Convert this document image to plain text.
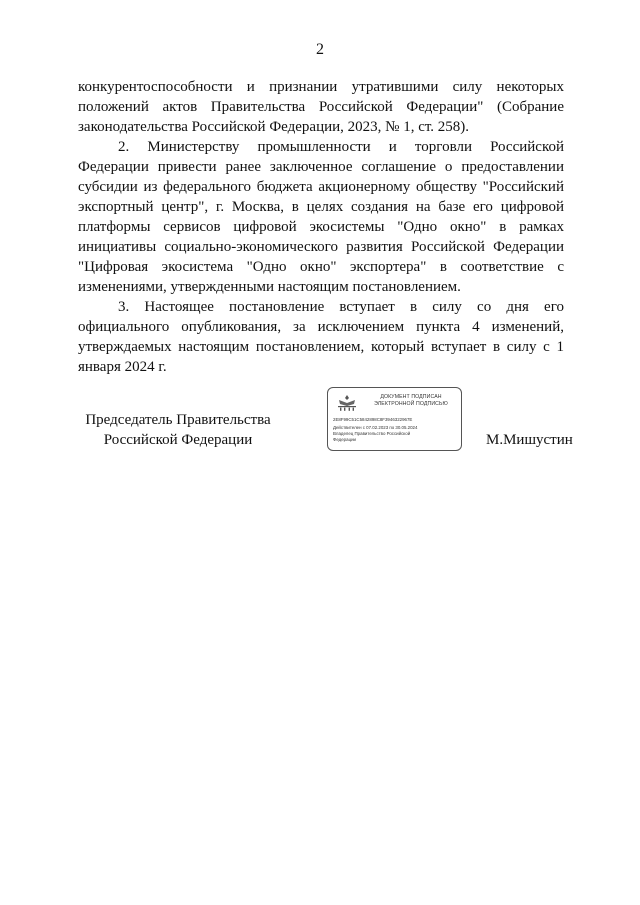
2

конкурентоспособности и признании утратившими силу некоторых положений актов Правительства Российской Федерации" (Собрание законодательства Российской Федерации, 2023, № 1, ст. 258).

2. Министерству промышленности и торговли Российской Федерации привести ранее заключенное соглашение о предоставлении субсидии из федерального бюджета акционерному обществу "Российский экспортный центр", г. Москва, в целях создания на базе его цифровой платформы сервисов цифровой экосистемы "Одно окно" в рамках инициативы социально-экономического развития Российской Федерации "Цифровая экосистема "Одно окно" экспортера" в соответствие с изменениями, утвержденными настоящим постановлением.

3. Настоящее постановление вступает в силу со дня его официального опубликования, за исключением пункта 4 изменений, утверждаемых настоящим постановлением, который вступает в силу с 1 января 2024 г.

Председатель Правительства
Российской Федерации
ДОКУМЕНТ ПОДПИСАН
ЭЛЕКТРОННОЙ ПОДПИСЬЮ
2E8F99C51C5842898C8F3946322967E
Действителен с 07.02.2023 по 30.05.2024
Владелец Правительство Российской
Федерации	М.Мишустин
